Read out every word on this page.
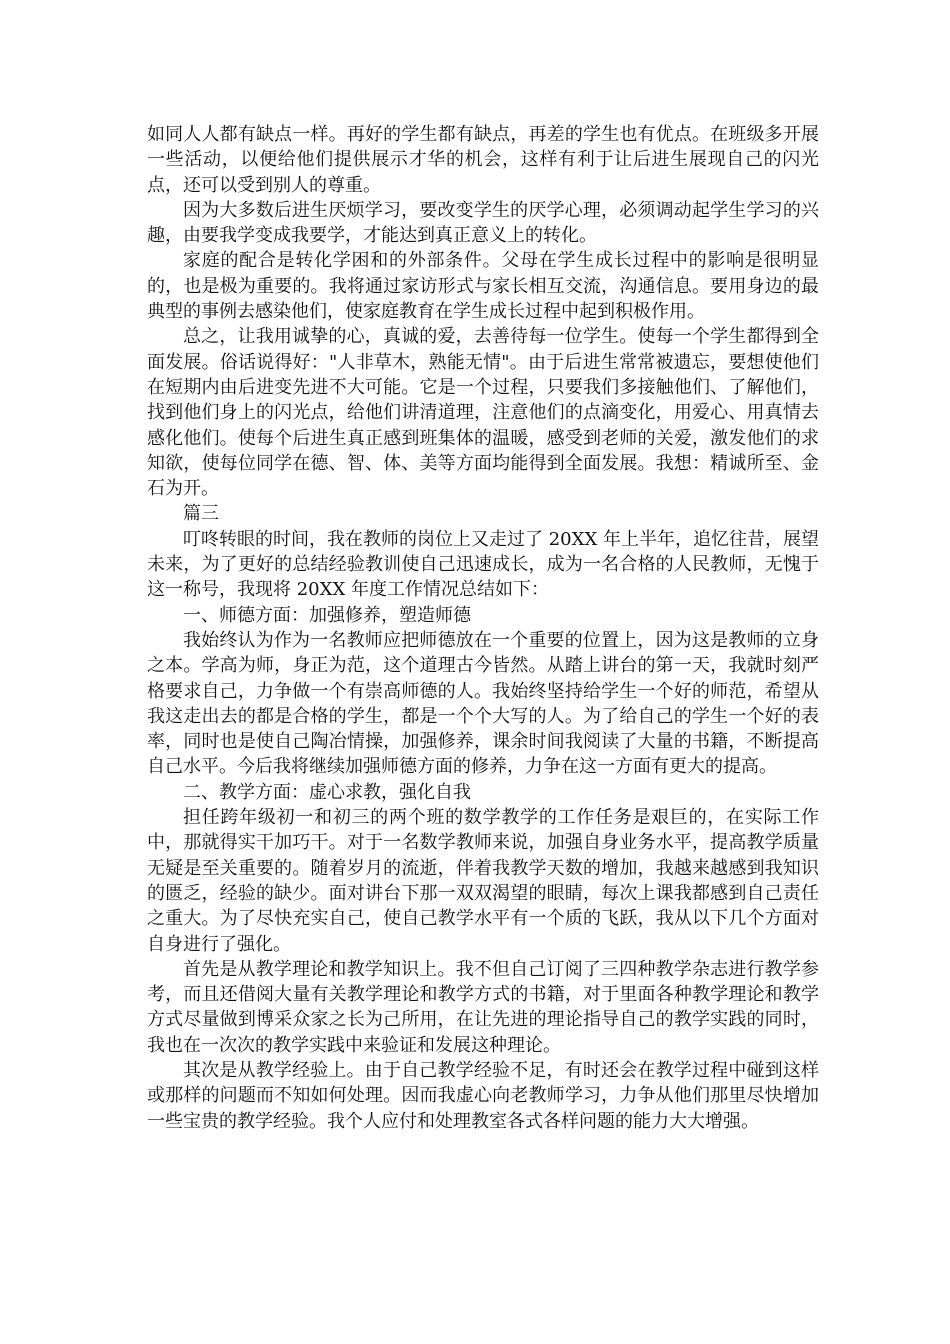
如同人人都有缺点一样。再好的学生都有缺点，再差的学生也有优点。在班级多开展一些活动，以便给他们提供展示才华的机会，这样有利于让后进生展现自己的闪光点，还可以受到别人的尊重。

因为大多数后进生厌烦学习，要改变学生的厌学心理，必须调动起学生学习的兴趣，由要我学变成我要学，才能达到真正意义上的转化。

家庭的配合是转化学困和的外部条件。父母在学生成长过程中的影响是很明显的，也是极为重要的。我将通过家访形式与家长相互交流，沟通信息。要用身边的最典型的事例去感染他们，使家庭教育在学生成长过程中起到积极作用。

总之，让我用诚挚的心，真诚的爱，去善待每一位学生。使每一个学生都得到全面发展。俗话说得好："人非草木，熟能无情"。由于后进生常常被遗忘，要想使他们在短期内由后进变先进不大可能。它是一个过程，只要我们多接触他们、了解他们，找到他们身上的闪光点，给他们讲清道理，注意他们的点滴变化，用爱心、用真情去感化他们。使每个后进生真正感到班集体的温暖，感受到老师的关爱，激发他们的求知欲，使每位同学在德、智、体、美等方面均能得到全面发展。我想：精诚所至、金石为开。

篇三

叮咚转眼的时间，我在教师的岗位上又走过了 20XX 年上半年，追忆往昔，展望未来，为了更好的总结经验教训使自己迅速成长，成为一名合格的人民教师，无愧于这一称号，我现将 20XX 年度工作情况总结如下：

一、师德方面：加强修养，塑造师德

我始终认为作为一名教师应把师德放在一个重要的位置上，因为这是教师的立身之本。学高为师，身正为范，这个道理古今皆然。从踏上讲台的第一天，我就时刻严格要求自己，力争做一个有崇高师德的人。我始终坚持给学生一个好的师范，希望从我这走出去的都是合格的学生，都是一个个大写的人。为了给自己的学生一个好的表率，同时也是使自己陶冶情操，加强修养，课余时间我阅读了大量的书籍，不断提高自己水平。今后我将继续加强师德方面的修养，力争在这一方面有更大的提高。

二、教学方面：虚心求教，强化自我

担任跨年级初一和初三的两个班的数学教学的工作任务是艰巨的，在实际工作中，那就得实干加巧干。对于一名数学教师来说，加强自身业务水平，提高教学质量无疑是至关重要的。随着岁月的流逝，伴着我教学天数的增加，我越来越感到我知识的匮乏，经验的缺少。面对讲台下那一双双渴望的眼睛，每次上课我都感到自己责任之重大。为了尽快充实自己，使自己教学水平有一个质的飞跃，我从以下几个方面对自身进行了强化。

首先是从教学理论和教学知识上。我不但自己订阅了三四种教学杂志进行教学参考，而且还借阅大量有关教学理论和教学方式的书籍，对于里面各种教学理论和教学方式尽量做到博采众家之长为己所用，在让先进的理论指导自己的教学实践的同时，我也在一次次的教学实践中来验证和发展这种理论。

其次是从教学经验上。由于自己教学经验不足，有时还会在教学过程中碰到这样或那样的问题而不知如何处理。因而我虚心向老教师学习，力争从他们那里尽快增加一些宝贵的教学经验。我个人应付和处理教室各式各样问题的能力大大增强。
